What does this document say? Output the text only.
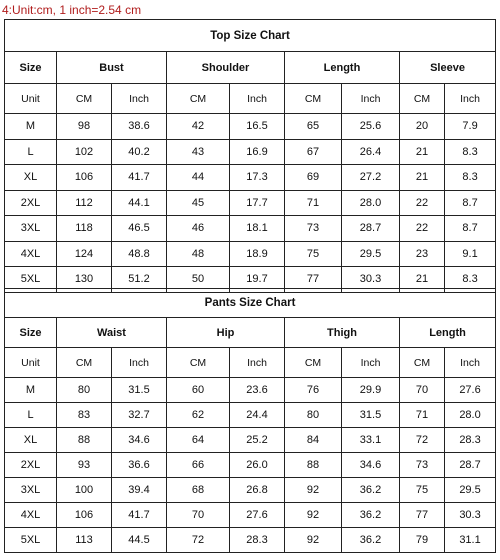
4:Unit:cm, 1 inch=2.54 cm
Top Size Chart								
Size	Bust		Shoulder		Length		Sleeve	
Unit	CM	Inch	CM	Inch	CM	Inch	CM	Inch
M	98	38.6	42	16.5	65	25.6	20	7.9
L	102	40.2	43	16.9	67	26.4	21	8.3
XL	106	41.7	44	17.3	69	27.2	21	8.3
2XL	112	44.1	45	17.7	71	28.0	22	8.7
3XL	118	46.5	46	18.1	73	28.7	22	8.7
4XL	124	48.8	48	18.9	75	29.5	23	9.1
5XL	130	51.2	50	19.7	77	30.3	21	8.3
Pants Size Chart								
Size	Waist		Hip		Thigh		Length	
Unit	CM	Inch	CM	Inch	CM	Inch	CM	Inch
M	80	31.5	60	23.6	76	29.9	70	27.6
L	83	32.7	62	24.4	80	31.5	71	28.0
XL	88	34.6	64	25.2	84	33.1	72	28.3
2XL	93	36.6	66	26.0	88	34.6	73	28.7
3XL	100	39.4	68	26.8	92	36.2	75	29.5
4XL	106	41.7	70	27.6	92	36.2	77	30.3
5XL	113	44.5	72	28.3	92	36.2	79	31.1
